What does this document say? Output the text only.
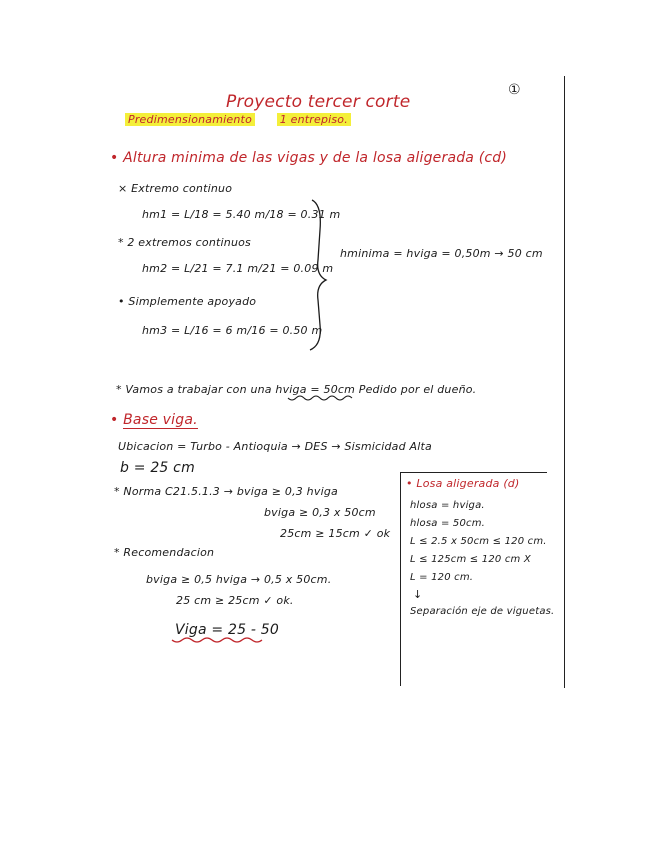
①
Proyecto tercer corte
Predimensionamiento	1 entrepiso.
• Altura minima de las vigas y de la losa aligerada (cd)
× Extremo continuo
hm1 = L/18 = 5.40 m/18 = 0.31 m
* 2 extremos continuos
hm2 = L/21 = 7.1 m/21 = 0.09 m
• Simplemente apoyado
hm3 = L/16 = 6 m/16 = 0.50 m
hminima = hviga = 0,50m → 50 cm
* Vamos a trabajar con una hviga = 50cm Pedido por el dueño.
• Base viga.
Ubicacion = Turbo - Antioquia → DES → Sismicidad Alta
b = 25 cm
* Norma C21.5.1.3 → bviga ≥ 0,3 hviga
bviga ≥ 0,3 x 50cm
25cm ≥ 15cm ✓ ok
* Recomendacion
bviga ≥ 0,5 hviga → 0,5 x 50cm.
25 cm ≥ 25cm ✓ ok.
Viga = 25 - 50
• Losa aligerada (d)
hlosa = hviga.
hlosa = 50cm.
L ≤ 2.5 x 50cm ≤ 120 cm.
L ≤ 125cm ≤ 120 cm X
L = 120 cm.
↓
Separación eje de viguetas.
